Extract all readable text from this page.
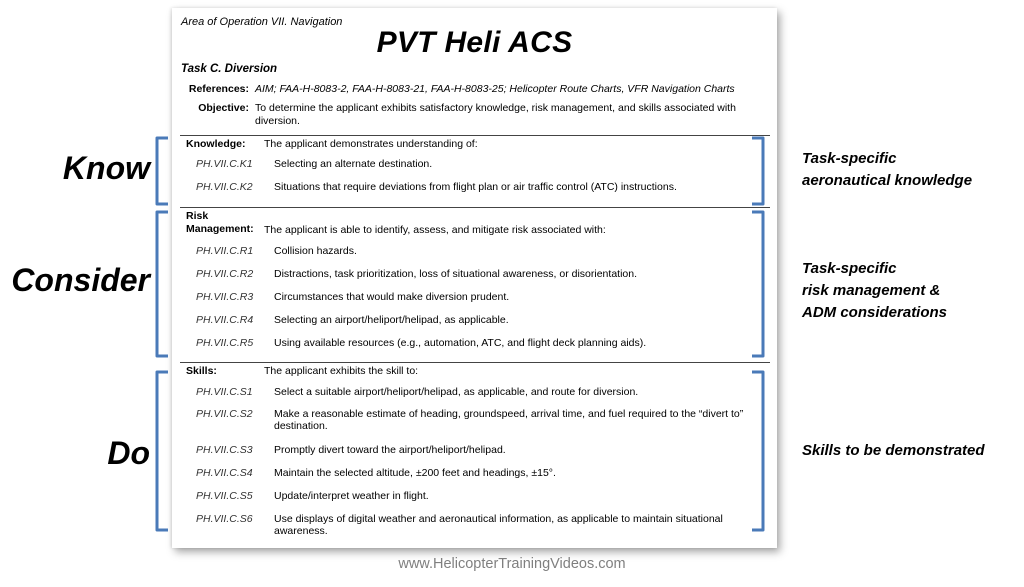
Know
Consider
Do
Area of Operation VII. Navigation
PVT Heli ACS
Task C. Diversion
References: AIM; FAA-H-8083-2, FAA-H-8083-21, FAA-H-8083-25; Helicopter Route Charts, VFR Navigation Charts
Objective: To determine the applicant exhibits satisfactory knowledge, risk management, and skills associated with diversion.
Knowledge: The applicant demonstrates understanding of:
PH.VII.C.K1 Selecting an alternate destination.
PH.VII.C.K2 Situations that require deviations from flight plan or air traffic control (ATC) instructions.
Risk
Management: The applicant is able to identify, assess, and mitigate risk associated with:
PH.VII.C.R1 Collision hazards.
PH.VII.C.R2 Distractions, task prioritization, loss of situational awareness, or disorientation.
PH.VII.C.R3 Circumstances that would make diversion prudent.
PH.VII.C.R4 Selecting an airport/heliport/helipad, as applicable.
PH.VII.C.R5 Using available resources (e.g., automation, ATC, and flight deck planning aids).
Skills:	The applicant exhibits the skill to:
PH.VII.C.S1 Select a suitable airport/heliport/helipad, as applicable, and route for diversion.
PH.VII.C.S2 Make a reasonable estimate of heading, groundspeed, arrival time, and fuel required to the “divert to” destination.
PH.VII.C.S3 Promptly divert toward the airport/heliport/helipad.
PH.VII.C.S4 Maintain the selected altitude, ±200 feet and headings, ±15°.
PH.VII.C.S5 Update/interpret weather in flight.
PH.VII.C.S6 Use displays of digital weather and aeronautical information, as applicable to maintain situational awareness.
Task-specific
aeronautical knowledge
Task-specific
risk management &
ADM considerations
Skills to be demonstrated
www.HelicopterTrainingVideos.com
